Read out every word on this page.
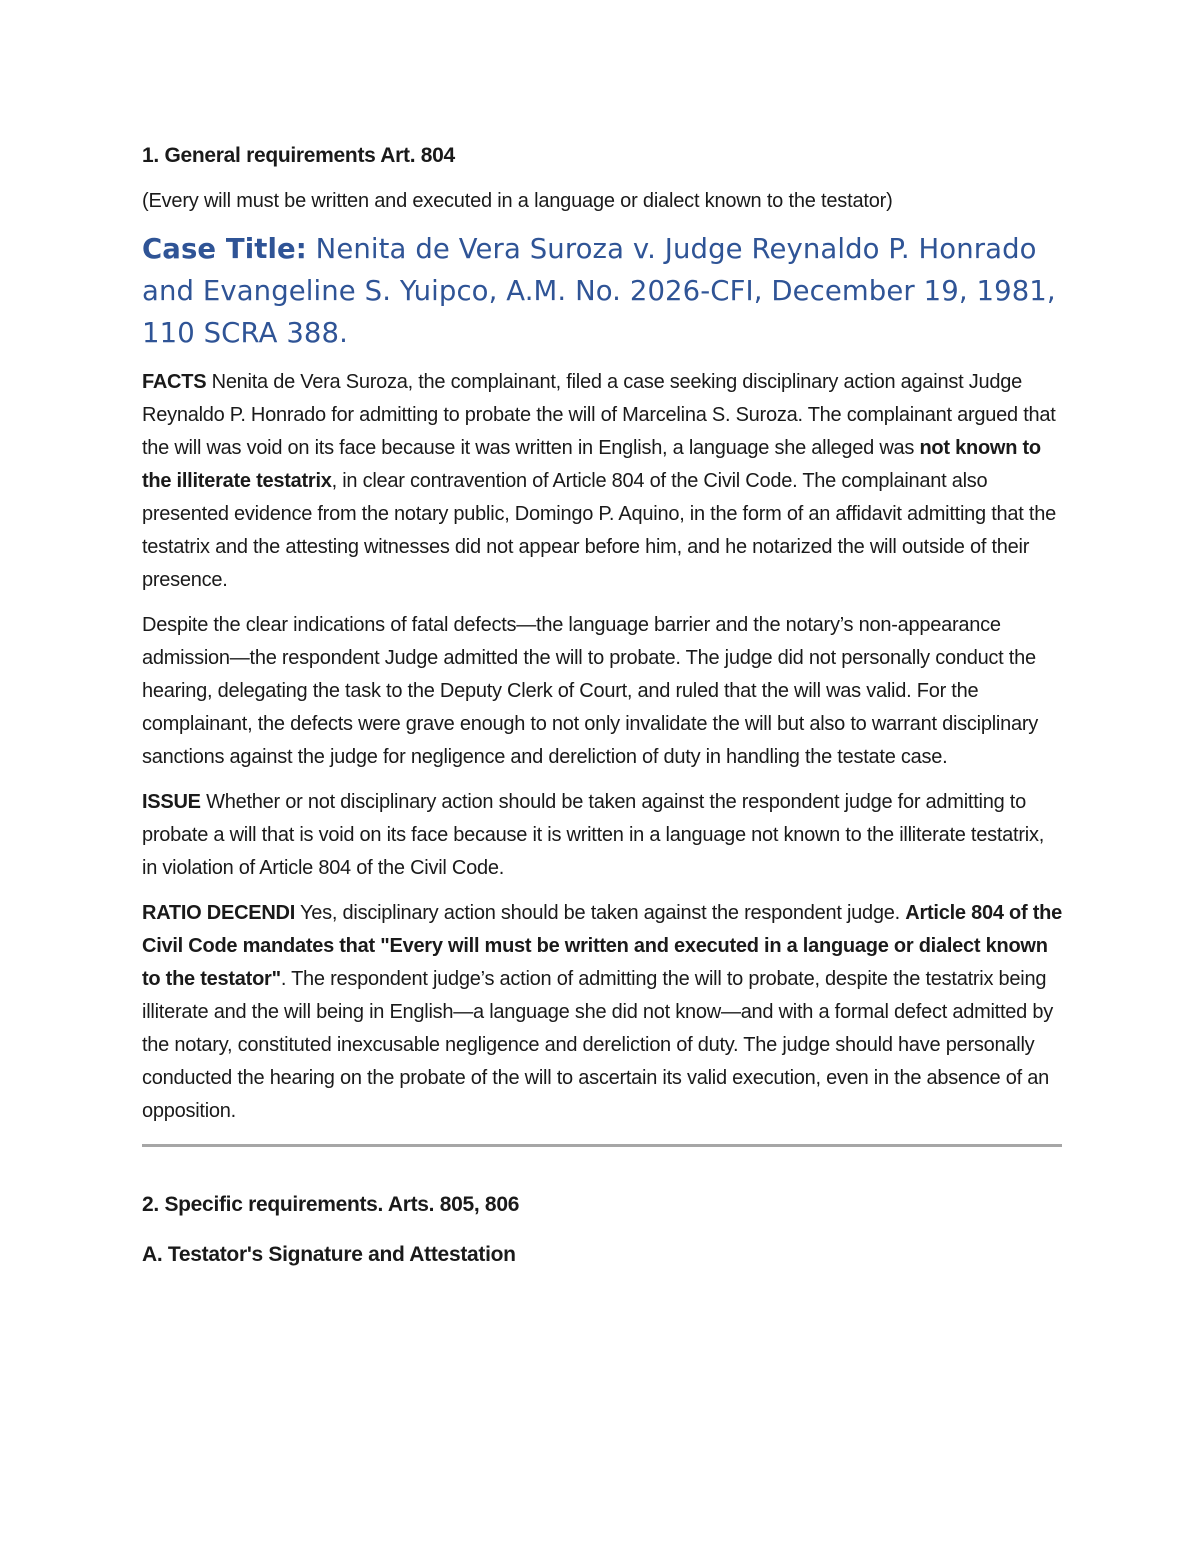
1. General requirements Art. 804

(Every will must be written and executed in a language or dialect known to the testator)

Case Title: Nenita de Vera Suroza v. Judge Reynaldo P. Honrado and Evangeline S. Yuipco, A.M. No. 2026-CFI, December 19, 1981, 110 SCRA 388.

FACTS Nenita de Vera Suroza, the complainant, filed a case seeking disciplinary action against Judge Reynaldo P. Honrado for admitting to probate the will of Marcelina S. Suroza. The complainant argued that the will was void on its face because it was written in English, a language she alleged was not known to the illiterate testatrix, in clear contravention of Article 804 of the Civil Code. The complainant also presented evidence from the notary public, Domingo P. Aquino, in the form of an affidavit admitting that the testatrix and the attesting witnesses did not appear before him, and he notarized the will outside of their presence.

Despite the clear indications of fatal defects—the language barrier and the notary’s non-appearance admission—the respondent Judge admitted the will to probate. The judge did not personally conduct the hearing, delegating the task to the Deputy Clerk of Court, and ruled that the will was valid. For the complainant, the defects were grave enough to not only invalidate the will but also to warrant disciplinary sanctions against the judge for negligence and dereliction of duty in handling the testate case.

ISSUE Whether or not disciplinary action should be taken against the respondent judge for admitting to probate a will that is void on its face because it is written in a language not known to the illiterate testatrix, in violation of Article 804 of the Civil Code.

RATIO DECENDI Yes, disciplinary action should be taken against the respondent judge. Article 804 of the Civil Code mandates that "Every will must be written and executed in a language or dialect known to the testator". The respondent judge’s action of admitting the will to probate, despite the testatrix being illiterate and the will being in English—a language she did not know—and with a formal defect admitted by the notary, constituted inexcusable negligence and dereliction of duty. The judge should have personally conducted the hearing on the probate of the will to ascertain its valid execution, even in the absence of an opposition.

2. Specific requirements. Arts. 805, 806

A. Testator's Signature and Attestation
